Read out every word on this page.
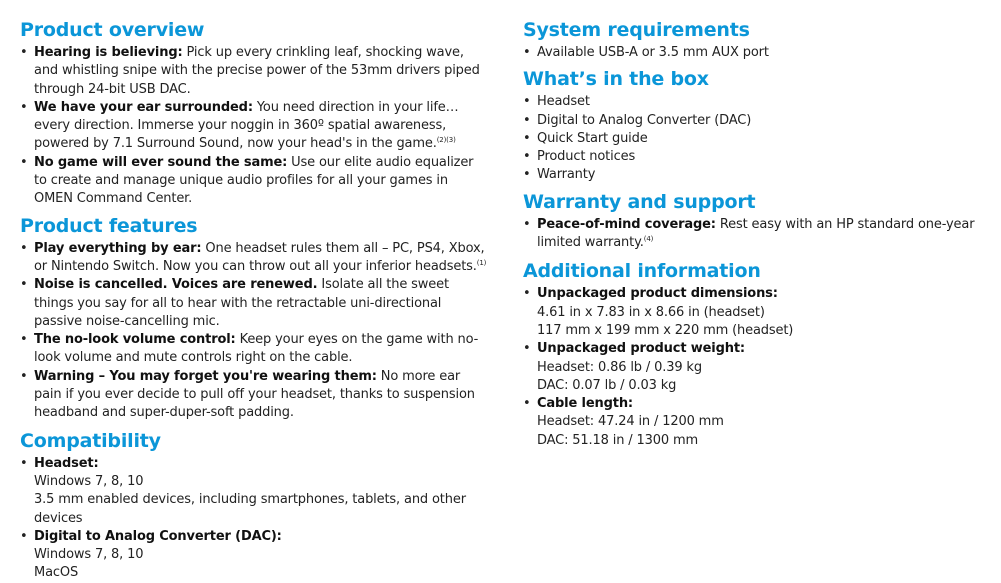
Product overview
• Hearing is believing: Pick up every crinkling leaf, shocking wave, and whistling snipe with the precise power of the 53mm drivers piped through 24-bit USB DAC.
• We have your ear surrounded: You need direction in your life…every direction. Immerse your noggin in 360º spatial awareness, powered by 7.1 Surround Sound, now your head's in the game.$^{(2)(3)}$
• No game will ever sound the same: Use our elite audio equalizer to create and manage unique audio profiles for all your games in OMEN Command Center.
Product features
• Play everything by ear: One headset rules them all – PC, PS4, Xbox, or Nintendo Switch. Now you can throw out all your inferior headsets.$^{(1)}$
• Noise is cancelled. Voices are renewed. Isolate all the sweet things you say for all to hear with the retractable uni-directional passive noise-cancelling mic.
• The no-look volume control: Keep your eyes on the game with no-look volume and mute controls right on the cable.
• Warning – You may forget you're wearing them: No more ear pain if you ever decide to pull off your headset, thanks to suspension headband and super-duper-soft padding.
Compatibility
• Headset:
Windows 7, 8, 10
3.5 mm enabled devices, including smartphones, tablets, and other devices
• Digital to Analog Converter (DAC):
Windows 7, 8, 10
MacOS
System requirements
• Available USB-A or 3.5 mm AUX port
What’s in the box
• Headset
• Digital to Analog Converter (DAC)
• Quick Start guide
• Product notices
• Warranty
Warranty and support
• Peace-of-mind coverage: Rest easy with an HP standard one-year limited warranty.$^{(4)}$
Additional information
• Unpackaged product dimensions:
4.61 in x 7.83 in x 8.66 in (headset)
117 mm x 199 mm x 220 mm (headset)
• Unpackaged product weight:
Headset: 0.86 lb / 0.39 kg
DAC: 0.07 lb / 0.03 kg
• Cable length:
Headset: 47.24 in / 1200 mm
DAC: 51.18 in / 1300 mm
